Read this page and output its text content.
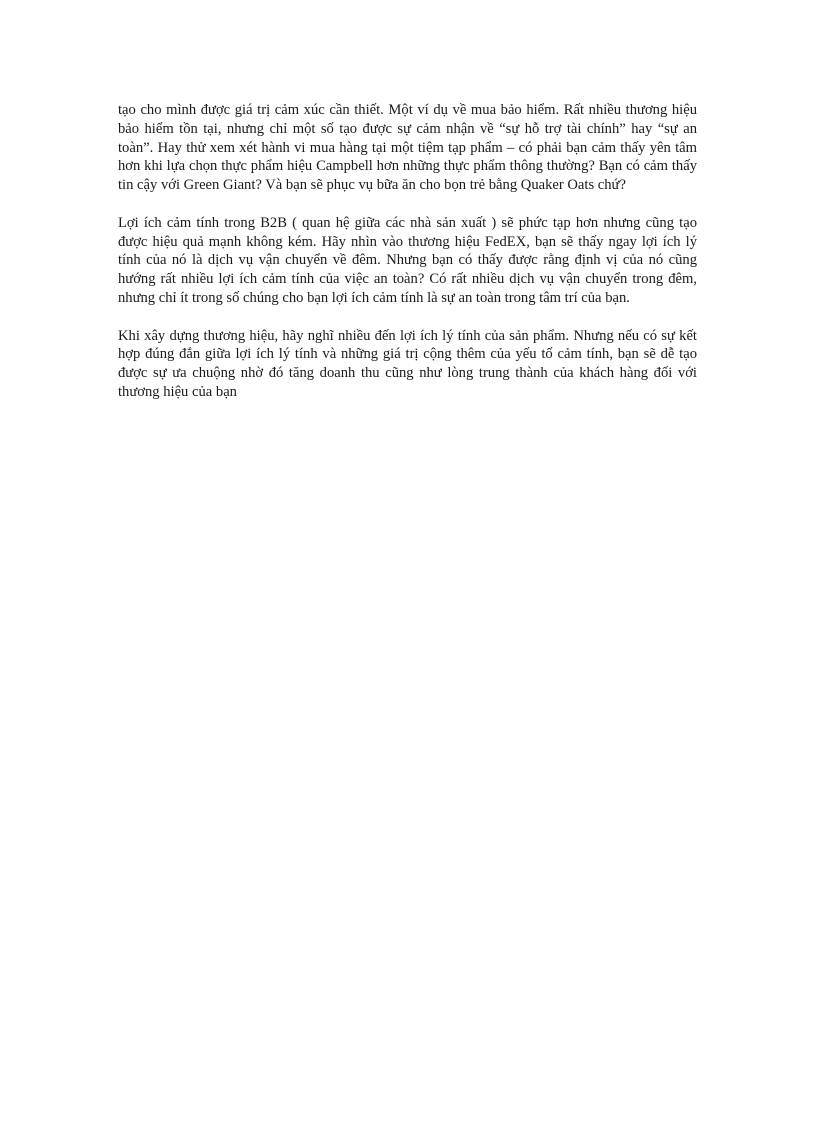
tạo cho mình được giá trị cảm xúc cần thiết. Một ví dụ về mua bảo hiểm. Rất nhiều thương hiệu bảo hiểm tồn tại, nhưng chỉ một số tạo được sự cảm nhận về “sự hỗ trợ tài chính” hay “sự an toàn”. Hay thử xem xét hành vi mua hàng tại một tiệm tạp phẩm – có phải bạn cảm thấy yên tâm hơn khi lựa chọn thực phẩm hiệu Campbell hơn những thực phẩm thông thường? Bạn có cảm thấy tin cậy với Green Giant? Và bạn sẽ phục vụ bữa ăn cho bọn trẻ bằng Quaker Oats chứ?

Lợi ích cảm tính trong B2B ( quan hệ giữa các nhà sản xuất ) sẽ phức tạp hơn nhưng cũng tạo được hiệu quả mạnh không kém. Hãy nhìn vào thương hiệu FedEX, bạn sẽ thấy ngay lợi ích lý tính của nó là dịch vụ vận chuyển về đêm. Nhưng bạn có thấy được rằng định vị của nó cũng hướng rất nhiều lợi ích cảm tính của việc an toàn? Có rất nhiều dịch vụ vận chuyển trong đêm, nhưng chỉ ít trong số chúng cho bạn lợi ích cảm tính là sự an toàn trong tâm trí của bạn.

Khi xây dựng thương hiệu, hãy nghĩ nhiều đến lợi ích lý tính của sản phẩm. Nhưng nếu có sự kết hợp đúng đắn giữa lợi ích lý tính và những giá trị cộng thêm của yếu tố cảm tính, bạn sẽ dễ tạo được sự ưa chuộng nhờ đó tăng doanh thu cũng như lòng trung thành của khách hàng đối với thương hiệu của bạn
